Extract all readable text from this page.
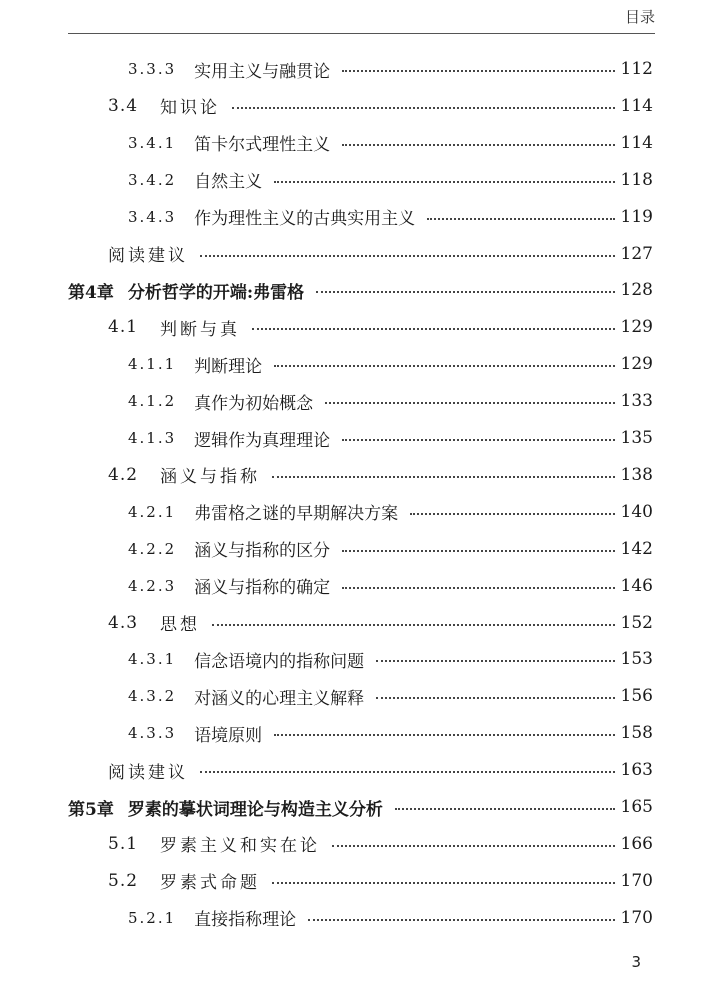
目录
3.3.3 实用主义与融贯论	112
3.4 知识论	114
3.4.1 笛卡尔式理性主义	114
3.4.2 自然主义	118
3.4.3 作为理性主义的古典实用主义	119
阅读建议	127
第4章 分析哲学的开端:弗雷格	128
4.1 判断与真	129
4.1.1 判断理论	129
4.1.2 真作为初始概念	133
4.1.3 逻辑作为真理理论	135
4.2 涵义与指称	138
4.2.1 弗雷格之谜的早期解决方案	140
4.2.2 涵义与指称的区分	142
4.2.3 涵义与指称的确定	146
4.3 思想	152
4.3.1 信念语境内的指称问题	153
4.3.2 对涵义的心理主义解释	156
4.3.3 语境原则	158
阅读建议	163
第5章 罗素的摹状词理论与构造主义分析	165
5.1 罗素主义和实在论	166
5.2 罗素式命题	170
5.2.1 直接指称理论	170
3
